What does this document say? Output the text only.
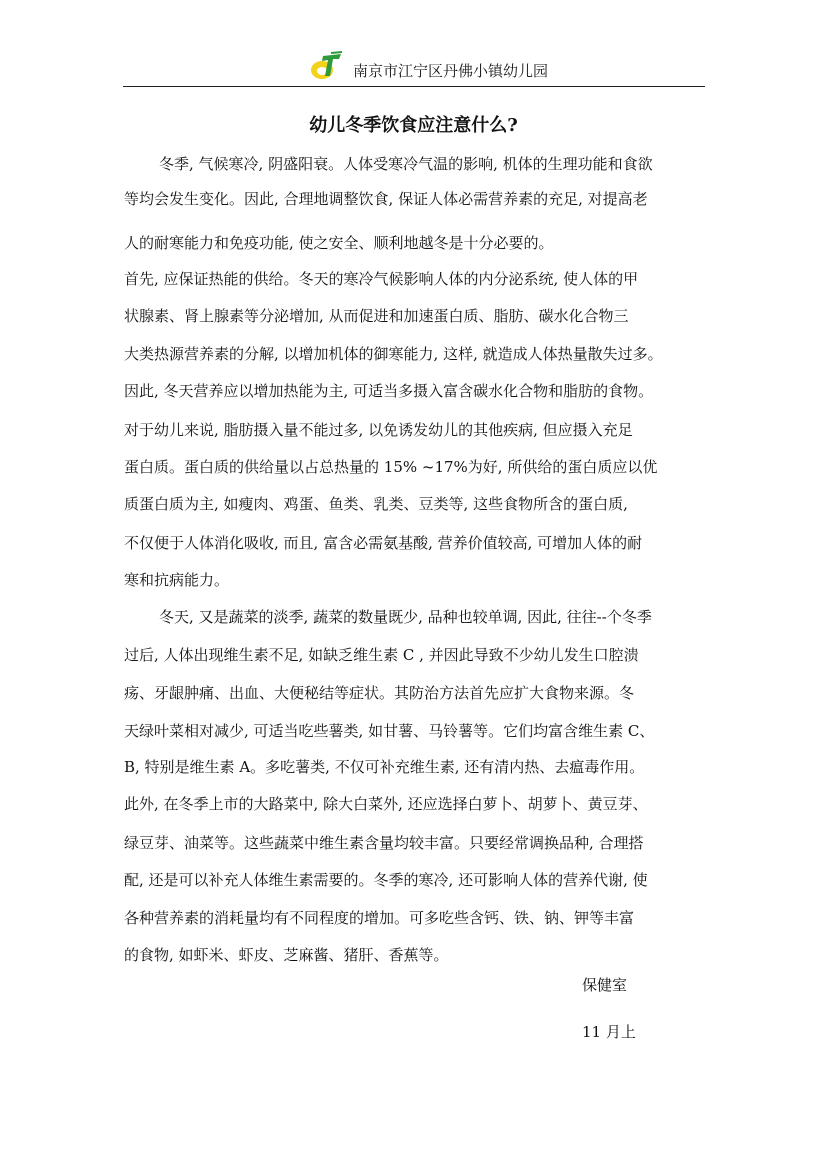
南京市江宁区丹佛小镇幼儿园
幼儿冬季饮食应注意什么?
冬季, 气候寒冷, 阴盛阳衰。人体受寒冷气温的影响, 机体的生理功能和食欲
等均会发生变化。因此, 合理地调整饮食, 保证人体必需营养素的充足, 对提高老
人的耐寒能力和免疫功能, 使之安全、顺利地越冬是十分必要的。
首先, 应保证热能的供给。冬天的寒冷气候影响人体的内分泌系统, 使人体的甲
状腺素、肾上腺素等分泌增加, 从而促进和加速蛋白质、脂肪、碳水化合物三
大类热源营养素的分解, 以增加机体的御寒能力, 这样, 就造成人体热量散失过多。
因此, 冬天营养应以增加热能为主, 可适当多摄入富含碳水化合物和脂肪的食物。
对于幼儿来说, 脂肪摄入量不能过多, 以免诱发幼儿的其他疾病, 但应摄入充足
蛋白质。蛋白质的供给量以占总热量的 15% ~17%为好, 所供给的蛋白质应以优
质蛋白质为主, 如瘦肉、鸡蛋、鱼类、乳类、豆类等, 这些食物所含的蛋白质,
不仅便于人体消化吸收, 而且, 富含必需氨基酸, 营养价值较高, 可增加人体的耐
寒和抗病能力。
冬天, 又是蔬菜的淡季, 蔬菜的数量既少, 品种也较单调, 因此, 往往--个冬季
过后, 人体出现维生素不足, 如缺乏维生素 C , 并因此导致不少幼儿发生口腔溃
疡、牙龈肿痛、出血、大便秘结等症状。其防治方法首先应扩大食物来源。冬
天绿叶菜相对减少, 可适当吃些薯类, 如甘薯、马铃薯等。它们均富含维生素 C、
B, 特别是维生素 A。多吃薯类, 不仅可补充维生素, 还有清内热、去瘟毒作用。
此外, 在冬季上市的大路菜中, 除大白菜外, 还应选择白萝卜、胡萝卜、黄豆芽、
绿豆芽、油菜等。这些蔬菜中维生素含量均较丰富。只要经常调换品种, 合理搭
配, 还是可以补充人体维生素需要的。冬季的寒冷, 还可影响人体的营养代谢, 使
各种营养素的消耗量均有不同程度的增加。可多吃些含钙、铁、钠、钾等丰富
的食物, 如虾米、虾皮、芝麻酱、猪肝、香蕉等。
保健室
11 月上
